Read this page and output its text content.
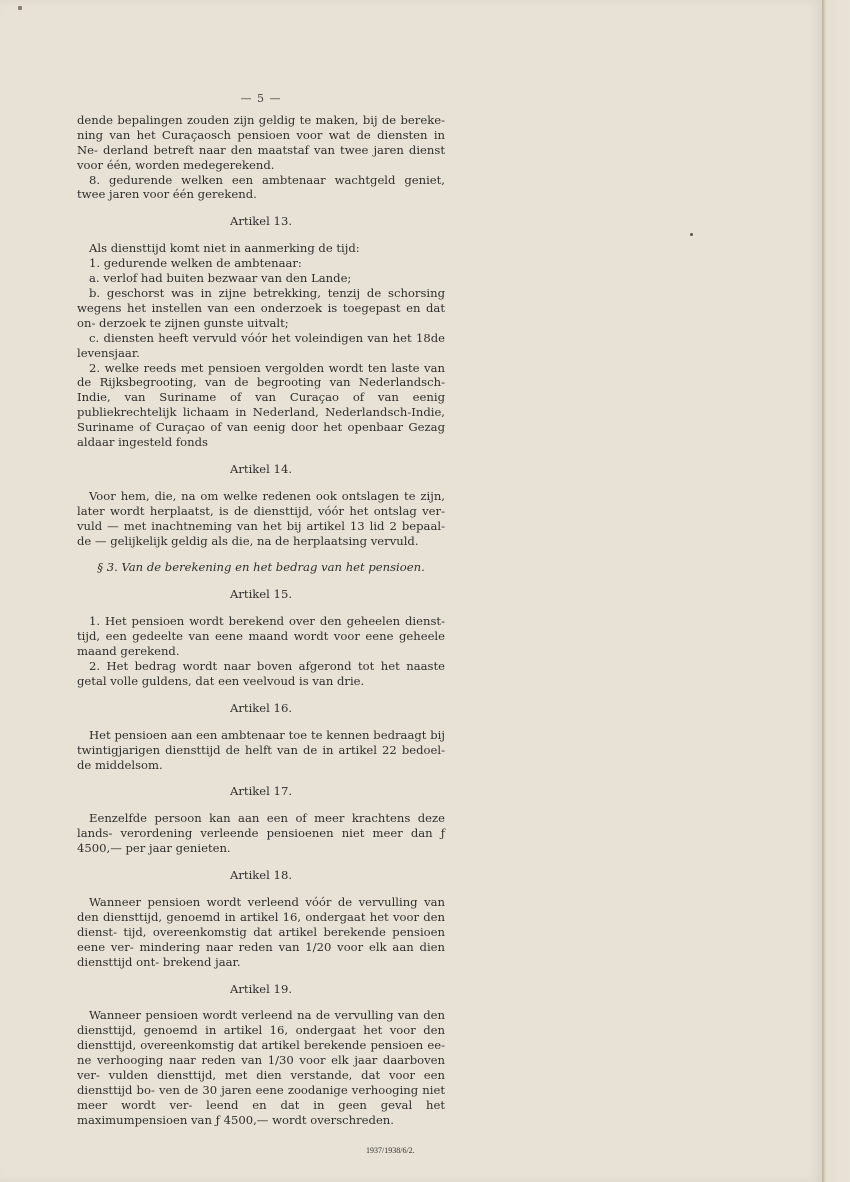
— 5 —

dende bepalingen zouden zijn geldig te maken, bij de bereke- ning van het Curaçaosch pensioen voor wat de diensten in Ne- derland betreft naar den maatstaf van twee jaren dienst voor één, worden medegerekend.

8. gedurende welken een ambtenaar wachtgeld geniet, twee jaren voor één gerekend.

Artikel 13.

Als diensttijd komt niet in aanmerking de tijd:

1. gedurende welken de ambtenaar:

a. verlof had buiten bezwaar van den Lande;

b. geschorst was in zijne betrekking, tenzij de schorsing wegens het instellen van een onderzoek is toegepast en dat on- derzoek te zijnen gunste uitvalt;

c. diensten heeft vervuld vóór het voleindigen van het 18de levensjaar.

2. welke reeds met pensioen vergolden wordt ten laste van de Rijksbegrooting, van de begrooting van Nederlandsch-Indie, van Suriname of van Curaçao of van eenig publiekrechtelijk lichaam in Nederland, Nederlandsch-Indie, Suriname of Curaçao of van eenig door het openbaar Gezag aldaar ingesteld fonds

Artikel 14.

Voor hem, die, na om welke redenen ook ontslagen te zijn, later wordt herplaatst, is de diensttijd, vóór het ontslag ver- vuld — met inachtneming van het bij artikel 13 lid 2 bepaal- de — gelijkelijk geldig als die, na de herplaatsing vervuld.

§ 3. Van de berekening en het bedrag van het pensioen.
Artikel 15.

1. Het pensioen wordt berekend over den geheelen dienst- tijd, een gedeelte van eene maand wordt voor eene geheele maand gerekend.

2. Het bedrag wordt naar boven afgerond tot het naaste getal volle guldens, dat een veelvoud is van drie.

Artikel 16.

Het pensioen aan een ambtenaar toe te kennen bedraagt bij twintigjarigen diensttijd de helft van de in artikel 22 bedoel- de middelsom.

Artikel 17.

Eenzelfde persoon kan aan een of meer krachtens deze lands- verordening verleende pensioenen niet meer dan ƒ 4500,— per jaar genieten.

Artikel 18.

Wanneer pensioen wordt verleend vóór de vervulling van den diensttijd, genoemd in artikel 16, ondergaat het voor den dienst- tijd, overeenkomstig dat artikel berekende pensioen eene ver- mindering naar reden van 1/20 voor elk aan dien diensttijd ont- brekend jaar.

Artikel 19.

Wanneer pensioen wordt verleend na de vervulling van den diensttijd, genoemd in artikel 16, ondergaat het voor den diensttijd, overeenkomstig dat artikel berekende pensioen ee- ne verhooging naar reden van 1/30 voor elk jaar daarboven ver- vulden diensttijd, met dien verstande, dat voor een diensttijd bo- ven de 30 jaren eene zoodanige verhooging niet meer wordt ver- leend en dat in geen geval het maximumpensioen van ƒ 4500,— wordt overschreden.

1937/1938/6/2.
